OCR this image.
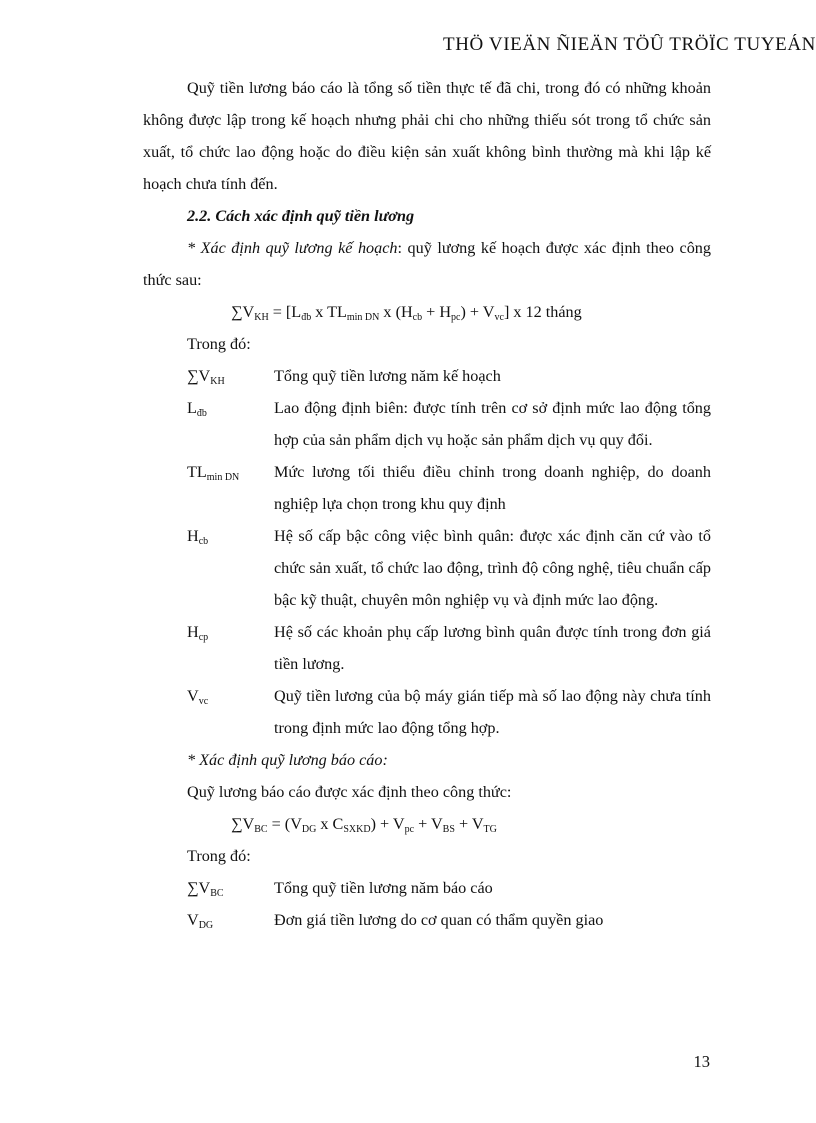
THÖ VIEÄN ÑIEÄN TÖÛ TRÖÏC TUYEÁN

Quỹ tiền lương báo cáo là tổng số tiền thực tế đã chi, trong đó có những khoản không được lập trong kế hoạch nhưng phải chi cho những thiếu sót trong tổ chức sản xuất, tổ chức lao động hoặc do điều kiện sản xuất không bình thường mà khi lập kế hoạch chưa tính đến.

2.2. Cách xác định quỹ tiền lương

* Xác định quỹ lương kế hoạch: quỹ lương kế hoạch được xác định theo công thức sau:

$\sum V_{KH} = [L_{đb}$ x $TL_{min DN}$ x $(H_{cb} + H_{pc}) + V_{vc}$] x 12 tháng

Trong đó:

$\sum V_{KH}$	Tổng quỹ tiền lương năm kế hoạch
$L_{đb}$	Lao động định biên: được tính trên cơ sở định mức lao động tổng hợp của sản phẩm dịch vụ hoặc sản phẩm dịch vụ quy đổi.
$TL_{min DN}$	Mức lương tối thiểu điều chỉnh trong doanh nghiệp, do doanh nghiệp lựa chọn trong khu quy định
$H_{cb}$	Hệ số cấp bậc công việc bình quân: được xác định căn cứ vào tổ chức sản xuất, tổ chức lao động, trình độ công nghệ, tiêu chuẩn cấp bậc kỹ thuật, chuyên môn nghiệp vụ và định mức lao động.
$H_{cp}$	Hệ số các khoản phụ cấp lương bình quân được tính trong đơn giá tiền lương.
$V_{vc}$	Quỹ tiền lương của bộ máy gián tiếp mà số lao động này chưa tính trong định mức lao động tổng hợp.

* Xác định quỹ lương báo cáo:

Quỹ lương báo cáo được xác định theo công thức:

$\sum V_{BC} = (V_{DG}$ x $C_{SXKD}) + V_{pc} + V_{BS} + V_{TG}$

Trong đó:

$\sum V_{BC}$	Tổng quỹ tiền lương năm báo cáo
$V_{DG}$	Đơn giá tiền lương do cơ quan có thẩm quyền giao
13
